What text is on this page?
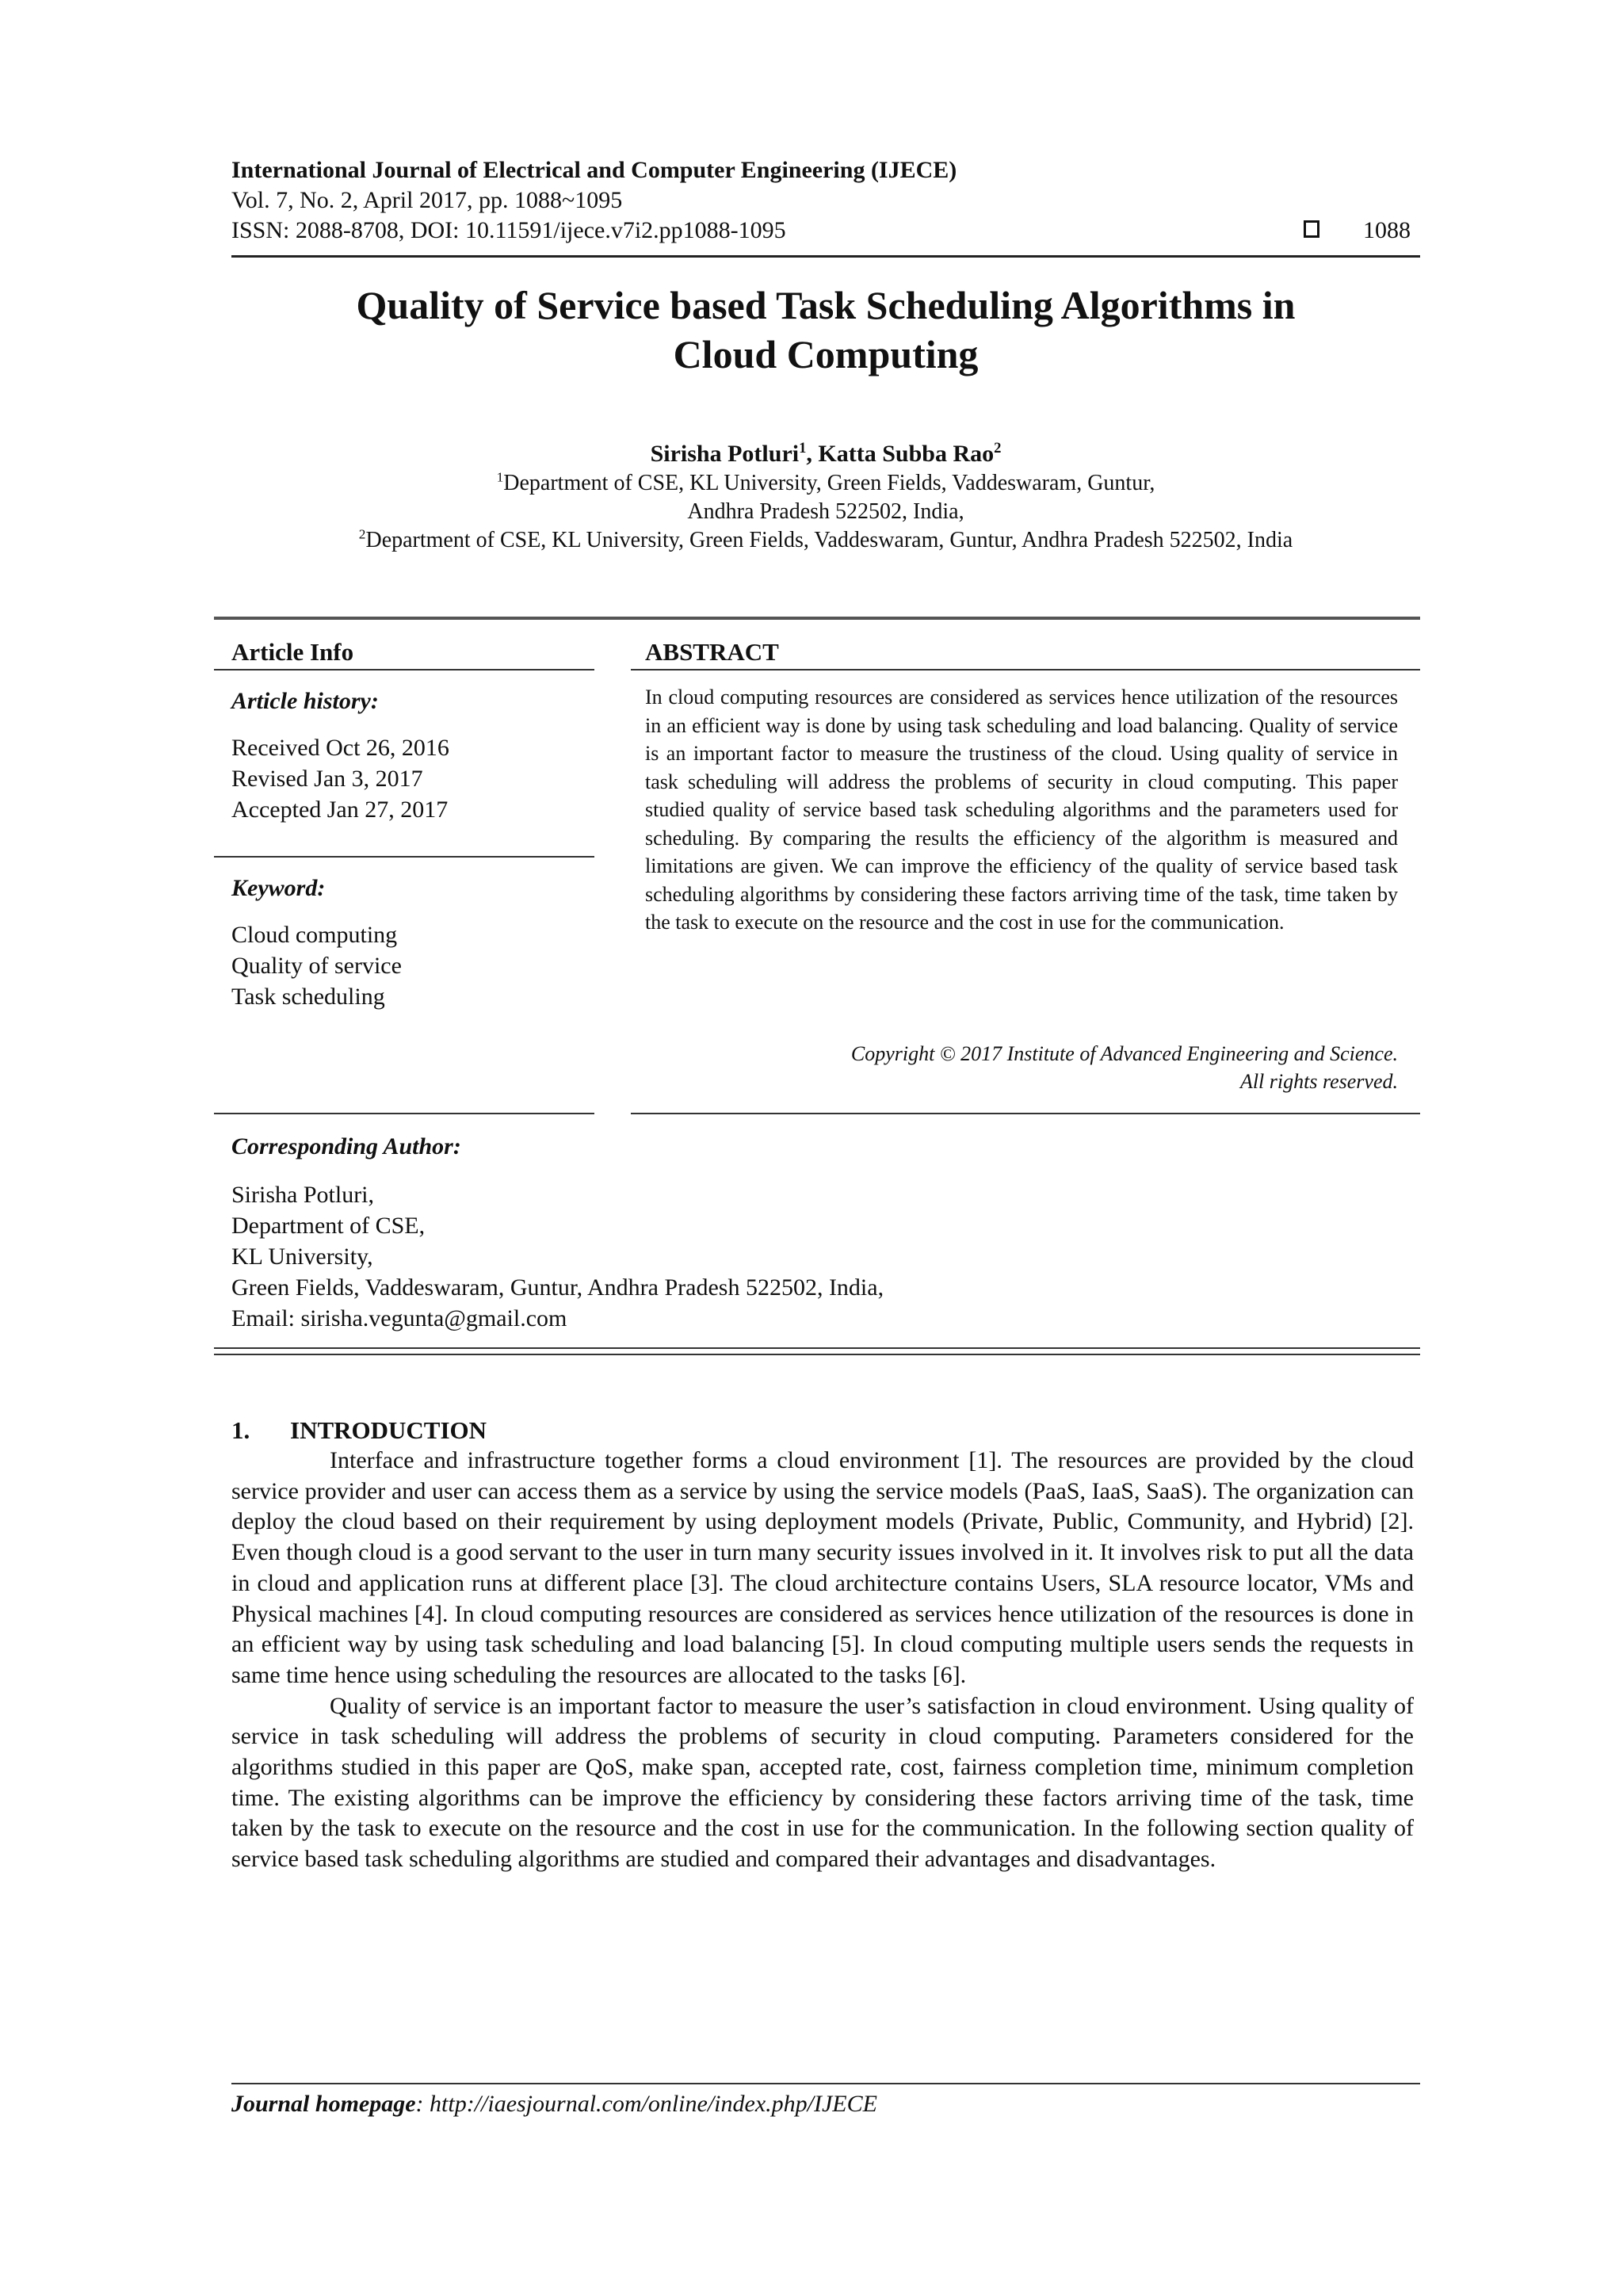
International Journal of Electrical and Computer Engineering (IJECE)
Vol. 7, No. 2, April 2017, pp. 1088~1095
ISSN: 2088-8708, DOI: 10.11591/ijece.v7i2.pp1088-1095	1088
Quality of Service based Task Scheduling Algorithms in
Cloud Computing
Sirisha Potluri$^1$, Katta Subba Rao$^2$
$^1$Department of CSE, KL University, Green Fields, Vaddeswaram, Guntur,
Andhra Pradesh 522502, India,
$^2$Department of CSE, KL University, Green Fields, Vaddeswaram, Guntur, Andhra Pradesh 522502, India
Article Info	ABSTRACT
Article history:
Received Oct 26, 2016
Revised Jan 3, 2017
Accepted Jan 27, 2017
Keyword:
Cloud computing
Quality of service
Task scheduling
In cloud computing resources are considered as services hence utilization of the resources in an efficient way is done by using task scheduling and load balancing. Quality of service is an important factor to measure the trustiness of the cloud. Using quality of service in task scheduling will address the problems of security in cloud computing. This paper studied quality of service based task scheduling algorithms and the parameters used for scheduling. By comparing the results the efficiency of the algorithm is measured and limitations are given. We can improve the efficiency of the quality of service based task scheduling algorithms by considering these factors arriving time of the task, time taken by the task to execute on the resource and the cost in use for the communication.
Copyright © 2017 Institute of Advanced Engineering and Science.
All rights reserved.
Corresponding Author:
Sirisha Potluri,
Department of CSE,
KL University,
Green Fields, Vaddeswaram, Guntur, Andhra Pradesh 522502, India,
Email: sirisha.vegunta@gmail.com
1. INTRODUCTION

Interface and infrastructure together forms a cloud environment [1]. The resources are provided by the cloud service provider and user can access them as a service by using the service models (PaaS, IaaS, SaaS). The organization can deploy the cloud based on their requirement by using deployment models (Private, Public, Community, and Hybrid) [2]. Even though cloud is a good servant to the user in turn many security issues involved in it. It involves risk to put all the data in cloud and application runs at different place [3]. The cloud architecture contains Users, SLA resource locator, VMs and Physical machines [4]. In cloud computing resources are considered as services hence utilization of the resources is done in an efficient way by using task scheduling and load balancing [5]. In cloud computing multiple users sends the requests in same time hence using scheduling the resources are allocated to the tasks [6].

Quality of service is an important factor to measure the user’s satisfaction in cloud environment. Using quality of service in task scheduling will address the problems of security in cloud computing. Parameters considered for the algorithms studied in this paper are QoS, make span, accepted rate, cost, fairness completion time, minimum completion time. The existing algorithms can be improve the efficiency by considering these factors arriving time of the task, time taken by the task to execute on the resource and the cost in use for the communication. In the following section quality of service based task scheduling algorithms are studied and compared their advantages and disadvantages.

Journal homepage: http://iaesjournal.com/online/index.php/IJECE
